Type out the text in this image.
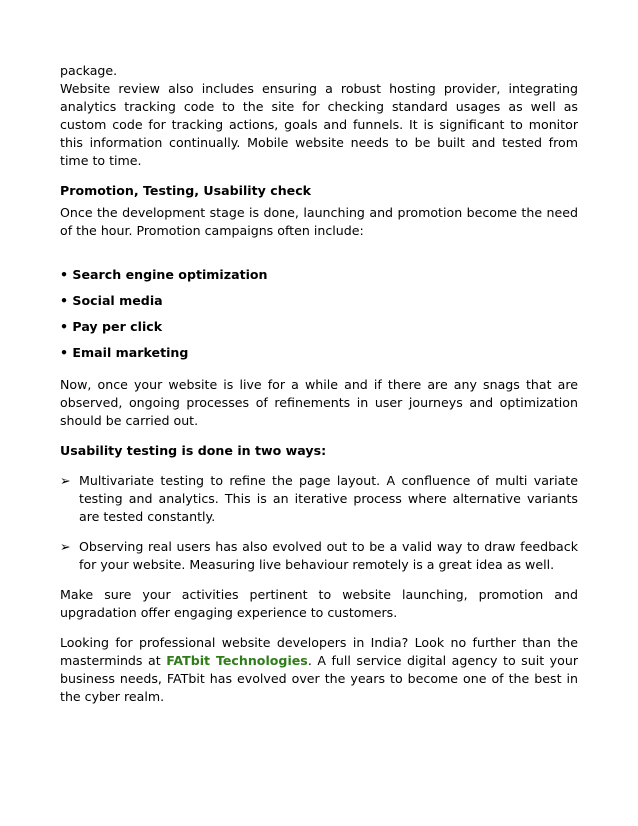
package.

Website review also includes ensuring a robust hosting provider, integrating analytics tracking code to the site for checking standard usages as well as custom code for tracking actions, goals and funnels. It is significant to monitor this information continually. Mobile website needs to be built and tested from time to time.

Promotion, Testing, Usability check

Once the development stage is done, launching and promotion become the need of the hour. Promotion campaigns often include:

• Search engine optimization

• Social media

• Pay per click

• Email marketing

Now, once your website is live for a while and if there are any snags that are observed, ongoing processes of refinements in user journeys and optimization should be carried out.

Usability testing is done in two ways:

➢ Multivariate testing to refine the page layout. A confluence of multi variate testing and analytics. This is an iterative process where alternative variants are tested constantly.

➢ Observing real users has also evolved out to be a valid way to draw feedback for your website. Measuring live behaviour remotely is a great idea as well.

Make sure your activities pertinent to website launching, promotion and upgradation offer engaging experience to customers.

Looking for professional website developers in India? Look no further than the masterminds at FATbit Technologies. A full service digital agency to suit your business needs, FATbit has evolved over the years to become one of the best in the cyber realm.
